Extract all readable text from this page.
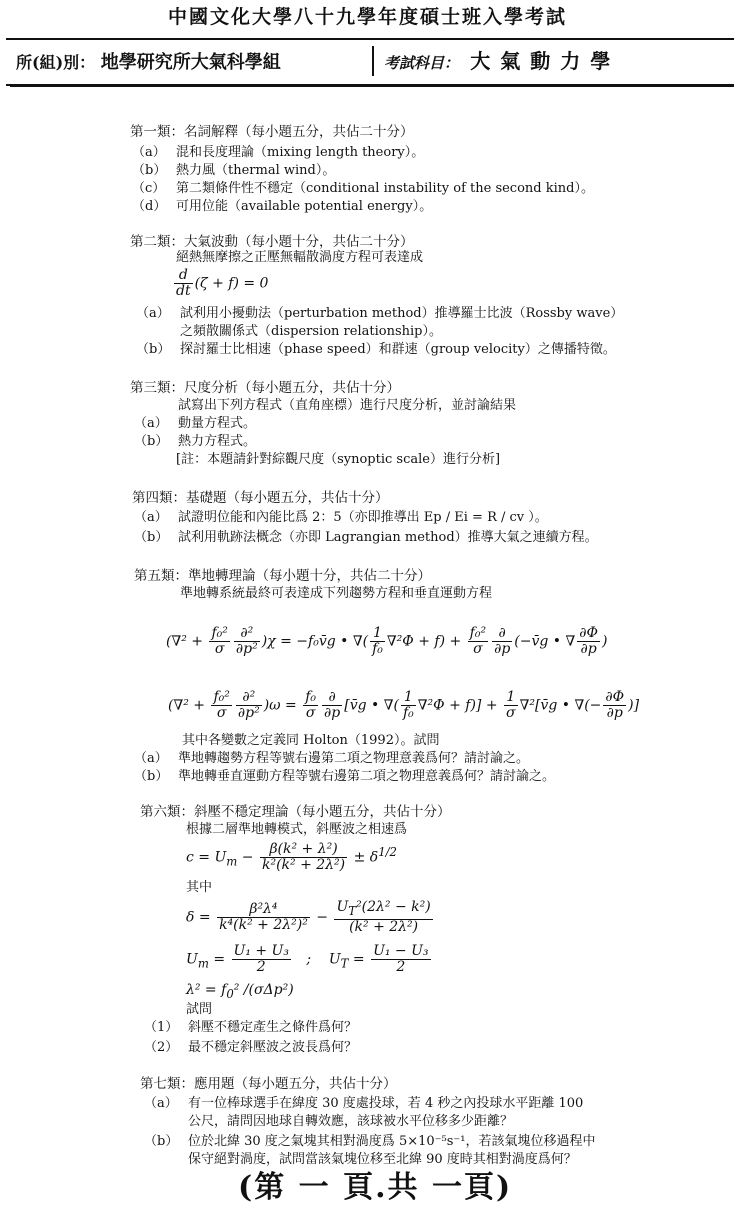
中國文化大學八十九學年度碩士班入學考試
所(組)別： 地學研究所大氣科學組	考試科目： 大氣動力學
第一類：名詞解釋（每小題五分，共佔二十分）
（a） 混和長度理論（mixing length theory）。
（b） 熱力風（thermal wind）。
（c） 第二類條件性不穩定（conditional instability of the second kind）。
（d） 可用位能（available potential energy）。
第二類：大氣波動（每小題十分，共佔二十分）
絕熱無摩擦之正壓無輻散渦度方程可表達成
$\frac{d}{dt} (\zeta + f) = 0$
（a） 試利用小擾動法（perturbation method）推導羅士比波（Rossby wave）
之頻散關係式（dispersion relationship）。
（b） 探討羅士比相速（phase speed）和群速（group velocity）之傳播特徵。
第三類：尺度分析（每小題五分，共佔十分）
試寫出下列方程式（直角座標）進行尺度分析，並討論結果
（a） 動量方程式。
（b） 熱力方程式。
[註：本題請針對綜觀尺度（synoptic scale）進行分析]
第四類：基礎題（每小題五分，共佔十分）
（a） 試證明位能和內能比爲 2：5（亦即推導出 Ep / Ei = R / cv ）。
（b） 試利用軌跡法概念（亦即 Lagrangian method）推導大氣之連續方程。
第五類：準地轉理論（每小題十分，共佔二十分）
準地轉系統最終可表達成下列趨勢方程和垂直運動方程
$(\nabla^2 + \frac{\text{f₀²}}{\sigma} \frac{\text{∂²}}{\text{∂p²}} )\chi$ = −f₀v̄g • ∇( $\frac{1}{\text{f₀}} \nabla^2\Phi + f) + \frac{\text{f₀²}}{\sigma} \frac{\partial}{\partial p}$ (−v̄g • ∇ $\frac{\partial\Phi}{\partial p}$ )
$(\nabla^2 + \frac{\text{f₀²}}{\sigma} \frac{\text{∂²}}{\text{∂p²}} )\omega = \frac{\text{f₀}}{\sigma} \frac{\partial}{\partial p}$ [v̄g • ∇( $\frac{1}{\text{f₀}} \nabla^2\Phi + f)] + \frac{1}{\sigma}$ ∇²[v̄g • ∇(− $\frac{\partial\Phi}{\partial p}$ )]
其中各變數之定義同 Holton（1992）。試問
（a） 準地轉趨勢方程等號右邊第二項之物理意義爲何？請討論之。
（b） 準地轉垂直運動方程等號右邊第二項之物理意義爲何？請討論之。
第六類：斜壓不穩定理論（每小題五分，共佔十分）
根據二層準地轉模式，斜壓波之相速爲
$c = U_m - \frac{\text{β(k² + λ²)}}{\text{k²(k² + 2λ²)}} \pm \delta^{1/2}$
其中
$\delta = \frac{\text{β²λ⁴}}{\text{k⁴(k² + 2λ²)²}} - \frac{U_T^2(2\lambda^2 - k^2)}{\text{(k² + 2λ²)}}$
$U_m = \frac{\text{U₁ + U₃}}{2}$ ;    $U_T = \frac{\text{U₁ − U₃}}{2}$
$\lambda^2 = f_0^2$ /(σΔp²)
試問
（1） 斜壓不穩定產生之條件爲何？
（2） 最不穩定斜壓波之波長爲何？
第七類：應用題（每小題五分，共佔十分）
（a） 有一位棒球選手在緯度 30 度處投球，若 4 秒之內投球水平距離 100
公尺，請問因地球自轉效應，該球被水平位移多少距離？
（b） 位於北緯 30 度之氣塊其相對渦度爲 5×10⁻⁵s⁻¹，若該氣塊位移過程中
保守絕對渦度，試問當該氣塊位移至北緯 90 度時其相對渦度爲何？
(第 一 頁.共 一頁)
